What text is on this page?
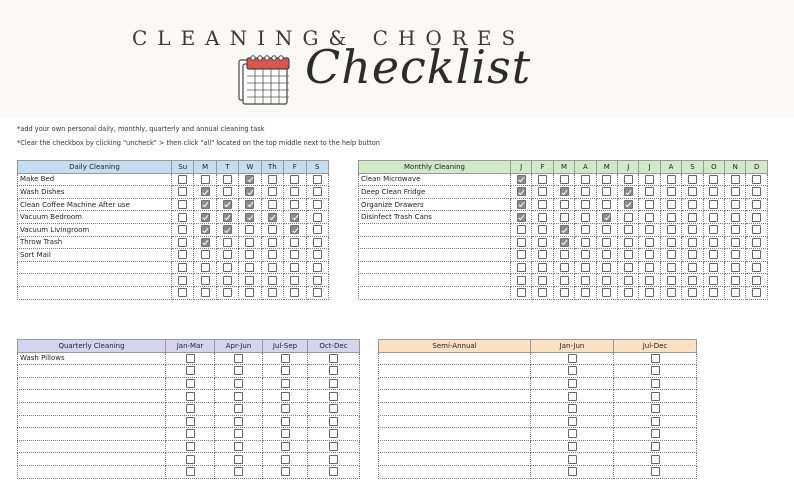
CLEANING& CHORES
Checklist
*add your own personal daily, monthly, quarterly and annual cleaning task
*Clear the checkbox by clicking "uncheck" > then click "all" located on the top middle next to the help button
Daily Cleaning	Su	M	T	W	Th	F	S
Make Bed							
Wash Dishes							
Clean Coffee Machine After use							
Vacuum Bedroom							
Vacuum Livingroom							
Throw Trash							
Sort Mail							

Monthly Cleaning	J	F	M	A	M	J	J	A	S	O	N	D
Clean Microwave												
Deep Clean Fridge												
Organize Drawers												
Disinfect Trash Cans												

Quarterly Cleaning	Jan-Mar	Apr-Jun	Jul-Sep	Oct-Dec
Wash Pillows				

Semi-Annual	Jan-Jun	Jul-Dec
